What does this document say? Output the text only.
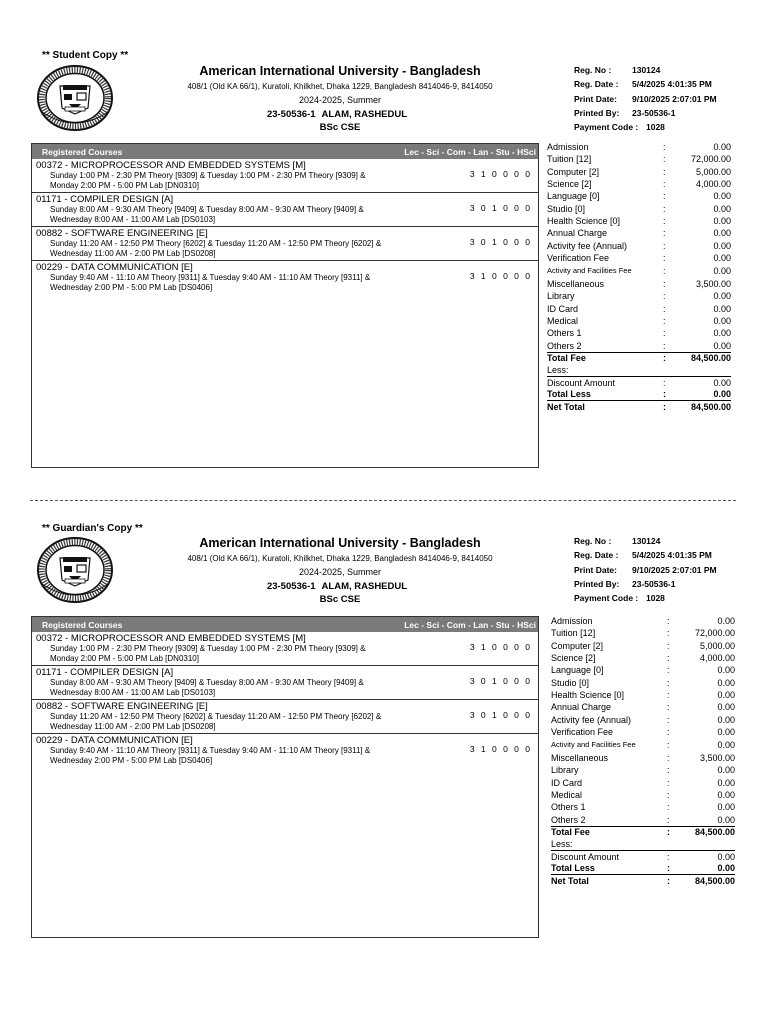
** Student Copy **
American International University - Bangladesh
408/1 (Old KA 66/1), Kuratoli, Khilkhet, Dhaka 1229, Bangladesh 8414046-9, 8414050
2024-2025, Summer
23-50536-1 ALAM, RASHEDUL
BSc CSE
Reg. No :	130124
Reg. Date :	5/4/2025 4:01:35 PM
Print Date:	9/10/2025 2:07:01 PM
Printed By:	23-50536-1
Payment Code : 1028
Registered Courses	Lec - Sci - Com - Lan - Stu - HSci
00372 - MICROPROCESSOR AND EMBEDDED SYSTEMS [M]
Sunday 1:00 PM - 2:30 PM Theory [9309] & Tuesday 1:00 PM - 2:30 PM Theory [9309] &
Monday 2:00 PM - 5:00 PM Lab [DN0310]
3 1 0 0 0 0
01171 - COMPILER DESIGN [A]
Sunday 8:00 AM - 9:30 AM Theory [9409] & Tuesday 8:00 AM - 9:30 AM Theory [9409] &
Wednesday 8:00 AM - 11:00 AM Lab [DS0103]
3 0 1 0 0 0
00882 - SOFTWARE ENGINEERING [E]
Sunday 11:20 AM - 12:50 PM Theory [6202] & Tuesday 11:20 AM - 12:50 PM Theory [6202] &
Wednesday 11:00 AM - 2:00 PM Lab [DS0208]
3 0 1 0 0 0
00229 - DATA COMMUNICATION [E]
Sunday 9:40 AM - 11:10 AM Theory [9311] & Tuesday 9:40 AM - 11:10 AM Theory [9311] &
Wednesday 2:00 PM - 5:00 PM Lab [DS0406]
3 1 0 0 0 0
Admission	:	0.00
Tuition [12]	:	72,000.00
Computer [2]	:	5,000.00
Science [2]	:	4,000.00
Language [0]	:	0.00
Studio [0]	:	0.00
Health Science [0]	:	0.00
Annual Charge	:	0.00
Activity fee (Annual)	:	0.00
Verification Fee	:	0.00
Activity and Facilities Fee	:	0.00
Miscellaneous	:	3,500.00
Library	:	0.00
ID Card	:	0.00
Medical	:	0.00
Others 1	:	0.00
Others 2	:	0.00
Total Fee	:	84,500.00
Less:
Discount Amount	:	0.00
Total Less	:	0.00
Net Total	:	84,500.00
** Guardian's Copy **
American International University - Bangladesh
408/1 (Old KA 66/1), Kuratoli, Khilkhet, Dhaka 1229, Bangladesh 8414046-9, 8414050
2024-2025, Summer
23-50536-1 ALAM, RASHEDUL
BSc CSE
Reg. No :	130124
Reg. Date :	5/4/2025 4:01:35 PM
Print Date:	9/10/2025 2:07:01 PM
Printed By:	23-50536-1
Payment Code : 1028
Registered Courses	Lec - Sci - Com - Lan - Stu - HSci
00372 - MICROPROCESSOR AND EMBEDDED SYSTEMS [M]
Sunday 1:00 PM - 2:30 PM Theory [9309] & Tuesday 1:00 PM - 2:30 PM Theory [9309] &
Monday 2:00 PM - 5:00 PM Lab [DN0310]
3 1 0 0 0 0
01171 - COMPILER DESIGN [A]
Sunday 8:00 AM - 9:30 AM Theory [9409] & Tuesday 8:00 AM - 9:30 AM Theory [9409] &
Wednesday 8:00 AM - 11:00 AM Lab [DS0103]
3 0 1 0 0 0
00882 - SOFTWARE ENGINEERING [E]
Sunday 11:20 AM - 12:50 PM Theory [6202] & Tuesday 11:20 AM - 12:50 PM Theory [6202] &
Wednesday 11:00 AM - 2:00 PM Lab [DS0208]
3 0 1 0 0 0
00229 - DATA COMMUNICATION [E]
Sunday 9:40 AM - 11:10 AM Theory [9311] & Tuesday 9:40 AM - 11:10 AM Theory [9311] &
Wednesday 2:00 PM - 5:00 PM Lab [DS0406]
3 1 0 0 0 0
Admission	:	0.00
Tuition [12]	:	72,000.00
Computer [2]	:	5,000.00
Science [2]	:	4,000.00
Language [0]	:	0.00
Studio [0]	:	0.00
Health Science [0]	:	0.00
Annual Charge	:	0.00
Activity fee (Annual)	:	0.00
Verification Fee	:	0.00
Activity and Facilities Fee	:	0.00
Miscellaneous	:	3,500.00
Library	:	0.00
ID Card	:	0.00
Medical	:	0.00
Others 1	:	0.00
Others 2	:	0.00
Total Fee	:	84,500.00
Less:
Discount Amount	:	0.00
Total Less	:	0.00
Net Total	:	84,500.00
